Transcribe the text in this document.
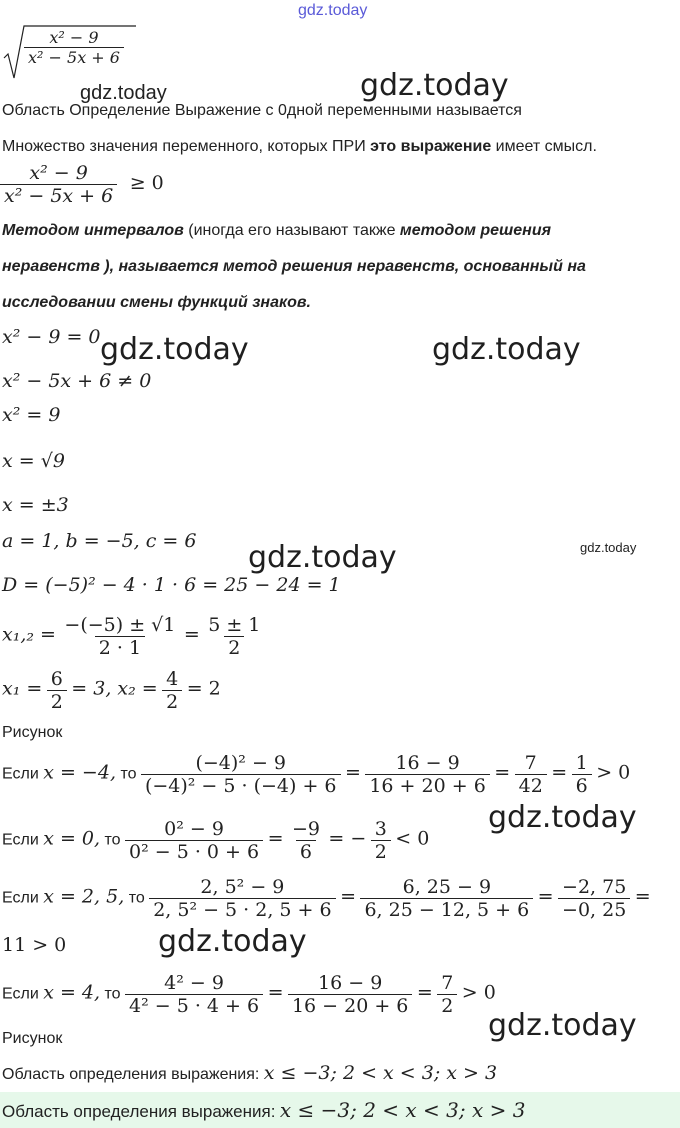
gdz.today
$\frac{\text{x² − 9}}{\text{x² − 5x + 6}}$
gdz.today
gdz.today
Область Определение Выражение с 0дной переменными называется
Множество значения переменного, которых ПРИ это выражение имеет смысл.
$\frac{\text{x² − 9}}{\text{x² − 5x + 6}} \ge 0$
Методом интервалов (иногда его называют также методом решения
неравенств ), называется метод решения неравенств, основанный на
исследовании смены функций знаков.
x² − 9 = 0 gdz.today	gdz.today
x² − 5x + 6 ≠ 0
x² = 9
x = √9
x = ±3
a = 1, b = −5, c = 6	gdz.today
gdz.today
D = (−5)² − 4 · 1 · 6 = 25 − 24 = 1
$x_1,_2 = \frac{-(-5) \pm √1}{2 \cdot 1} = \frac{5 \pm 1}{2}$
$x_1 = \frac{6}{2} = 3$, $x_2 = \frac{4}{2} = 2$
Рисунок
Если x = −4, то $\frac{\text{(−4)² − 9}}{\text{(−4)² − 5 · (−4) + 6}} = \frac{16 - 9}{16 + 20 + 6} = \frac{7}{42} = \frac{1}{6} > 0$
gdz.today
Если x = 0, то $\frac{\text{0² − 9}}{\text{0² − 5 · 0 + 6}} = \frac{-9}{6}$ = − $\frac{3}{2} < 0$
Если x = 2, 5, то $\frac{\text{2, 5² − 9}}{\text{2, 5² − 5 · 2, 5 + 6}} = \frac{6, 25 - 9}{6, 25 - 12, 5 + 6} = \frac{-2, 75}{-0, 25}$ =
11 > 0	gdz.today
Если x = 4, то $\frac{\text{4² − 9}}{\text{4² − 5 · 4 + 6}} = \frac{16 - 9}{16 - 20 + 6} = \frac{7}{2} > 0$
gdz.today
Рисунок
Область определения выражения: x ≤ −3; 2 < x < 3; x > 3
Область определения выражения: x ≤ −3; 2 < x < 3; x > 3
